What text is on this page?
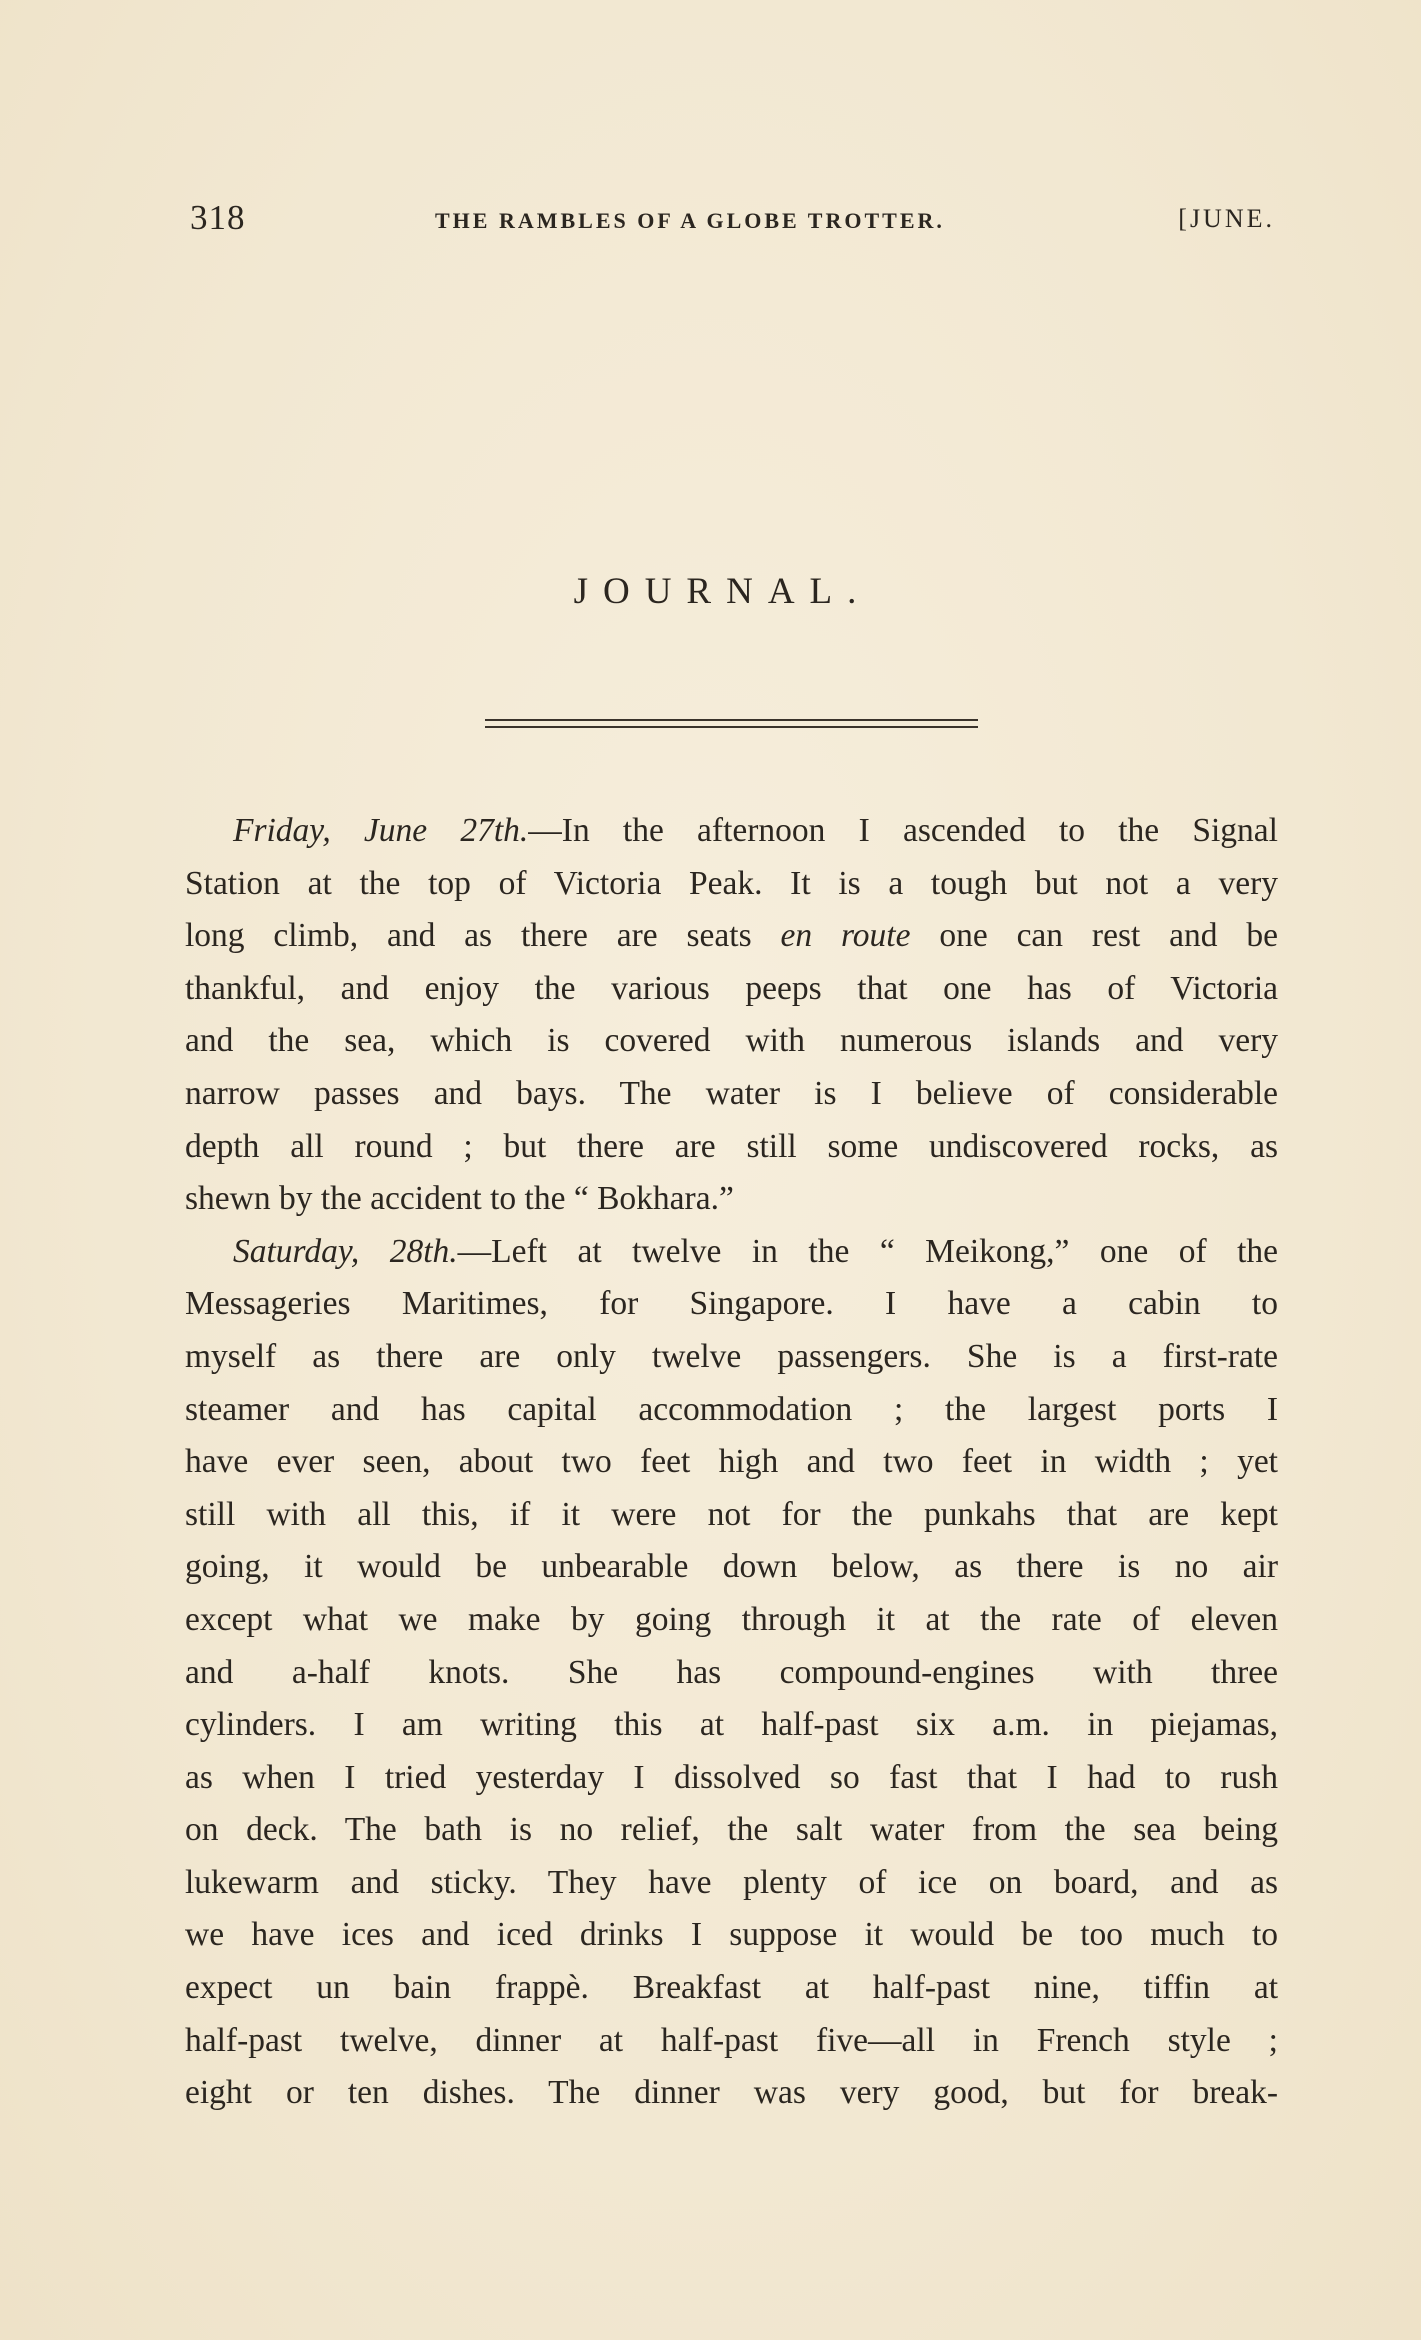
318	THE RAMBLES OF A GLOBE TROTTER.	[JUNE.
JOURNAL.
Friday, June 27th.—In the afternoon I ascended to the Signal
Station at the top of Victoria Peak. It is a tough but not a very
long climb, and as there are seats en route one can rest and be
thankful, and enjoy the various peeps that one has of Victoria
and the sea, which is covered with numerous islands and very
narrow passes and bays. The water is I believe of considerable
depth all round ; but there are still some undiscovered rocks, as
shewn by the accident to the “ Bokhara.”
Saturday, 28th.—Left at twelve in the “ Meikong,” one of the
Messageries Maritimes, for Singapore. I have a cabin to
myself as there are only twelve passengers. She is a first-rate
steamer and has capital accommodation ; the largest ports I
have ever seen, about two feet high and two feet in width ; yet
still with all this, if it were not for the punkahs that are kept
going, it would be unbearable down below, as there is no air
except what we make by going through it at the rate of eleven
and a-half knots. She has compound-engines with three
cylinders. I am writing this at half-past six a.m. in piejamas,
as when I tried yesterday I dissolved so fast that I had to rush
on deck. The bath is no relief, the salt water from the sea being
lukewarm and sticky. They have plenty of ice on board, and as
we have ices and iced drinks I suppose it would be too much to
expect un bain frappè. Breakfast at half-past nine, tiffin at
half-past twelve, dinner at half-past five—all in French style ;
eight or ten dishes. The dinner was very good, but for break-
